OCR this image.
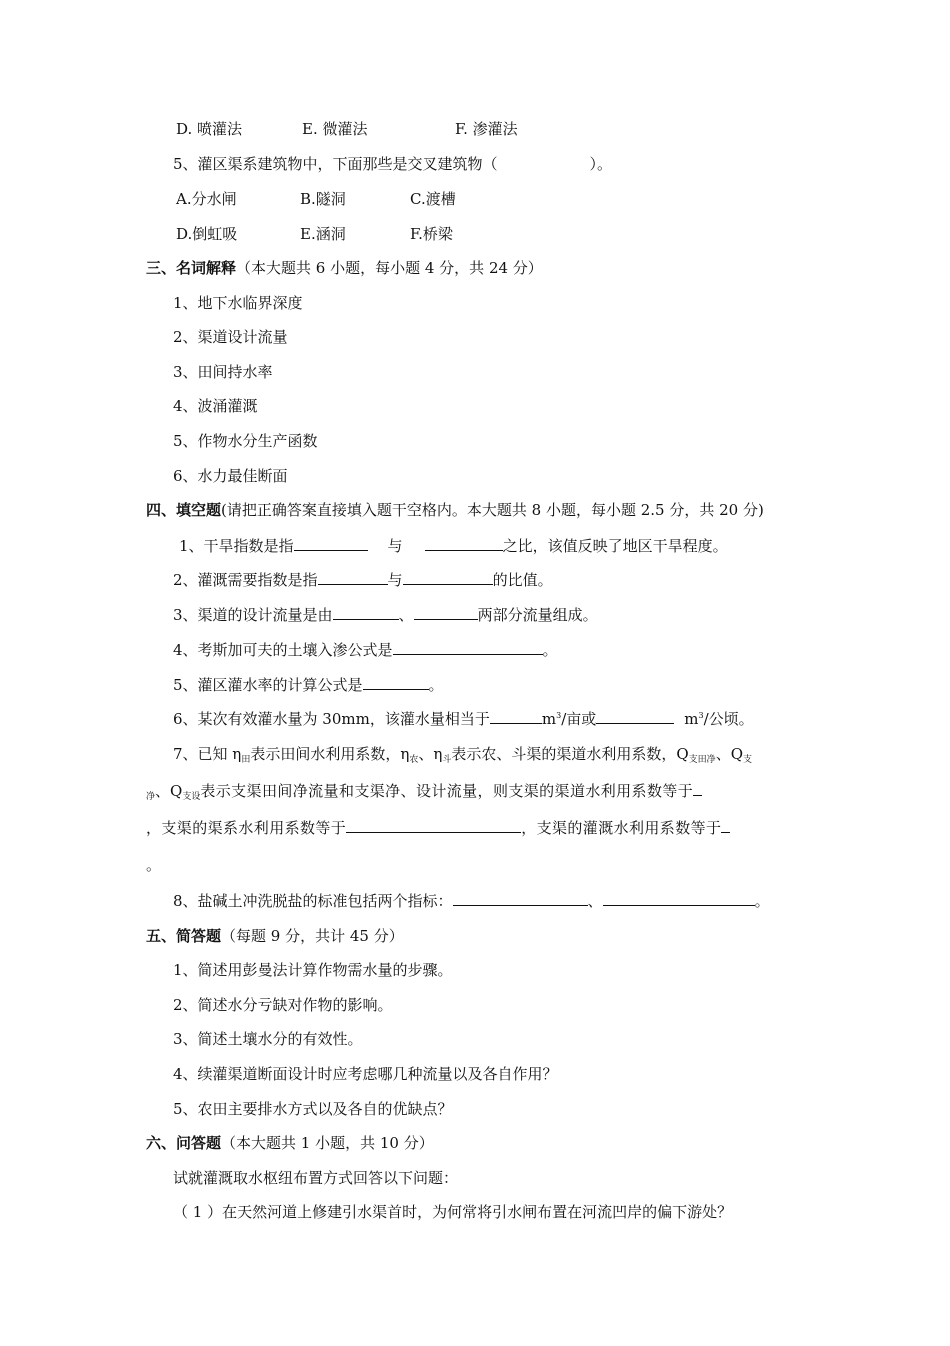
D. 喷灌法	E. 微灌法	F. 渗灌法
5、灌区渠系建筑物中，下面那些是交叉建筑物（	）。
A.分水闸	B.隧洞	C.渡槽
D.倒虹吸	E.涵洞	F.桥梁
三、名词解释（本大题共 6 小题，每小题 4 分，共 24 分）
1、地下水临界深度
2、渠道设计流量
3、田间持水率
4、波涌灌溉
5、作物水分生产函数
6、水力最佳断面
四、填空题(请把正确答案直接填入题干空格内。本大题共 8 小题，每小题 2.5 分，共 20 分)
1、干旱指数是指	与	之比，该值反映了地区干旱程度。
2、灌溉需要指数是指	与	的比值。
3、渠道的设计流量是由	、	两部分流量组成。
4、考斯加可夫的土壤入渗公式是	。
5、灌区灌水率的计算公式是	。
6、某次有效灌水量为 30mm，该灌水量相当于	$m^3/$亩或	$m^3/$公顷。
7、已知 $\eta_田$表示田间水利用系数，$\eta_农$、$\eta_斗$表示农、斗渠的渠道水利用系数，$Q_{支田净}$、$Q_支$
$_净$、$Q_{支设}$表示支渠田间净流量和支渠净、设计流量，则支渠的渠道水利用系数等于
，支渠的渠系水利用系数等于	，支渠的灌溉水利用系数等于
。
8、盐碱土冲洗脱盐的标准包括两个指标：	、	。
五、简答题（每题 9 分，共计 45 分）
1、简述用彭曼法计算作物需水量的步骤。
2、简述水分亏缺对作物的影响。
3、简述土壤水分的有效性。
4、续灌渠道断面设计时应考虑哪几种流量以及各自作用？
5、农田主要排水方式以及各自的优缺点？
六、问答题（本大题共 1 小题，共 10 分）
试就灌溉取水枢纽布置方式回答以下问题：
（ 1 ）在天然河道上修建引水渠首时，为何常将引水闸布置在河流凹岸的偏下游处？
